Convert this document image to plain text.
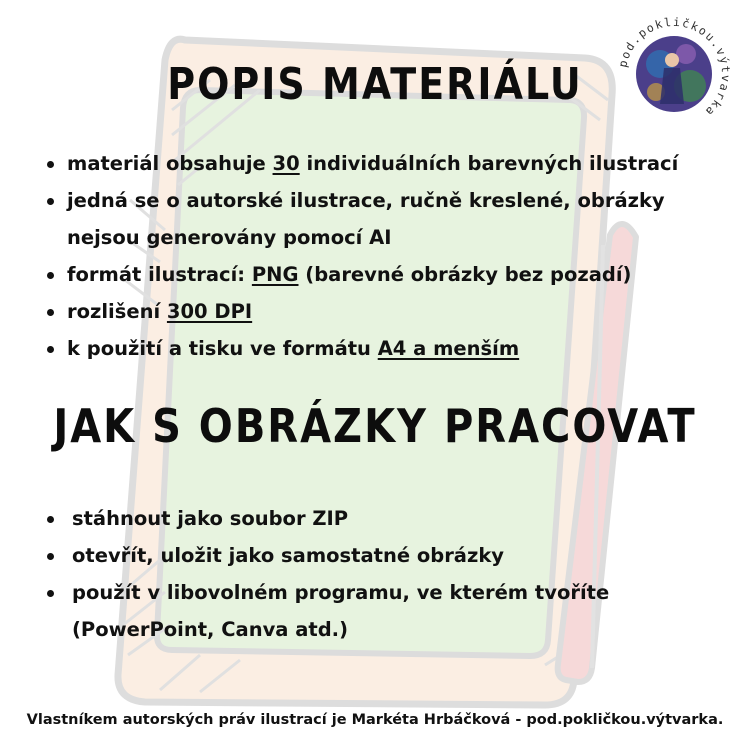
POPIS MATERIÁLU
materiál obsahuje 30 individuálních barevných ilustrací
jedná se o autorské ilustrace, ručně kreslené, obrázky nejsou generovány pomocí AI
formát ilustrací: PNG (barevné obrázky bez pozadí)
rozlišení 300 DPI
k použití a tisku ve formátu A4 a menším
JAK S OBRÁZKY PRACOVAT
stáhnout jako soubor ZIP
otevřít, uložit jako samostatné obrázky
použít v libovolném programu, ve kterém tvoříte (PowerPoint, Canva atd.)
pod.pokličkou.výtvarka
Vlastníkem autorských práv ilustrací je Markéta Hrbáčková - pod.pokličkou.výtvarka.
